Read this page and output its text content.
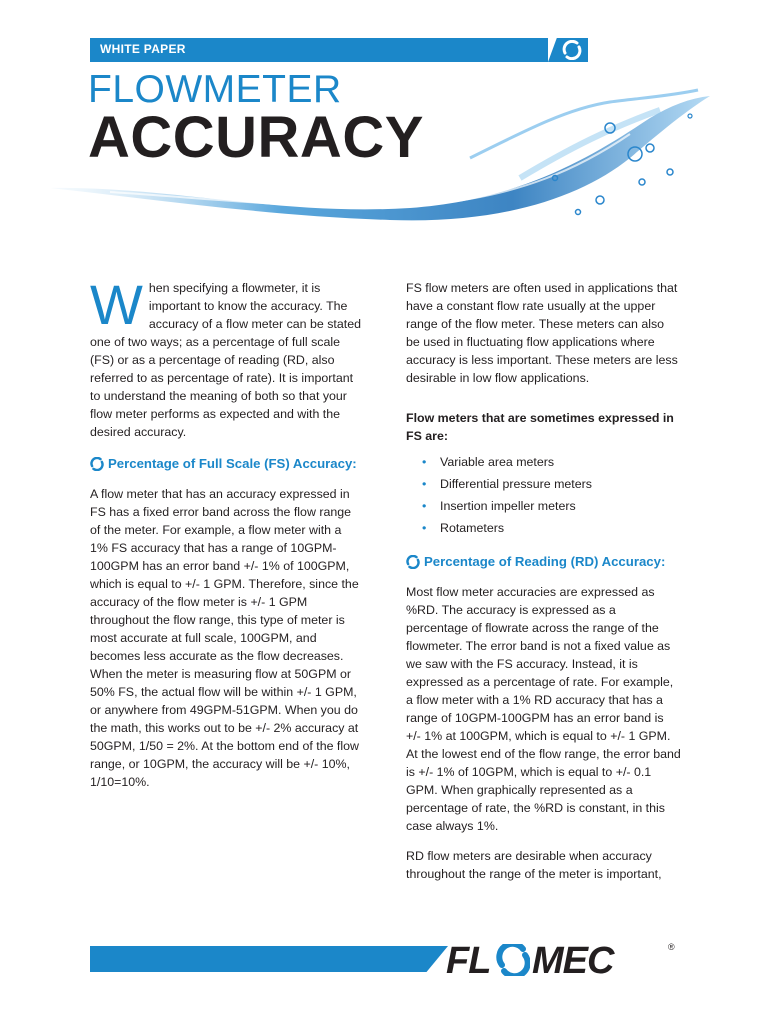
WHITE PAPER
FLOWMETER
ACCURACY

W hen specifying a flowmeter, it is important to know the accuracy. The accuracy of a flow meter can be stated one of two ways; as a percentage of full scale (FS) or as a percentage of reading (RD, also referred to as percentage of rate). It is important to understand the meaning of both so that your flow meter performs as expected and with the desired accuracy.

Percentage of Full Scale (FS) Accuracy:

A flow meter that has an accuracy expressed in FS has a fixed error band across the flow range of the meter. For example, a flow meter with a 1% FS accuracy that has a range of 10GPM-100GPM has an error band +/- 1% of 100GPM, which is equal to +/- 1 GPM. Therefore, since the accuracy of the flow meter is +/- 1 GPM throughout the flow range, this type of meter is most accurate at full scale, 100GPM, and becomes less accurate as the flow decreases. When the meter is measuring flow at 50GPM or 50% FS, the actual flow will be within +/- 1 GPM, or anywhere from 49GPM-51GPM. When you do the math, this works out to be +/- 2% accuracy at 50GPM, 1/50 = 2%. At the bottom end of the flow range, or 10GPM, the accuracy will be +/- 10%, 1/10=10%.

FS flow meters are often used in applications that have a constant flow rate usually at the upper range of the flow meter. These meters can also be used in fluctuating flow applications where accuracy is less important. These meters are less desirable in low flow applications.

Flow meters that are sometimes expressed in FS are:
• Variable area meters
• Differential pressure meters
• Insertion impeller meters
• Rotameters
Percentage of Reading (RD) Accuracy:

Most flow meter accuracies are expressed as %RD. The accuracy is expressed as a percentage of flowrate across the range of the flowmeter. The error band is not a fixed value as we saw with the FS accuracy. Instead, it is expressed as a percentage of rate. For example, a flow meter with a 1% RD accuracy that has a range of 10GPM-100GPM has an error band is +/- 1% at 100GPM, which is equal to +/- 1 GPM. At the lowest end of the flow range, the error band is +/- 1% of 10GPM, which is equal to +/- 0.1 GPM. When graphically represented as a percentage of rate, the %RD is constant, in this case always 1%.

RD flow meters are desirable when accuracy throughout the range of the meter is important,

FL MEC	®
